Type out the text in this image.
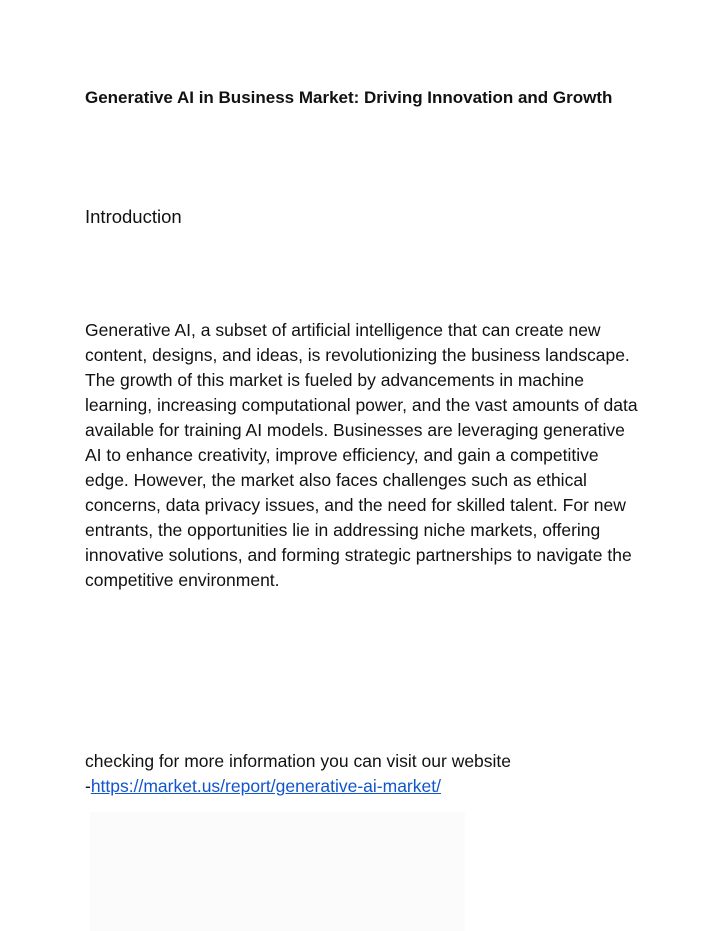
Generative AI in Business Market: Driving Innovation and Growth
Introduction

Generative AI, a subset of artificial intelligence that can create new content, designs, and ideas, is revolutionizing the business landscape. The growth of this market is fueled by advancements in machine learning, increasing computational power, and the vast amounts of data available for training AI models. Businesses are leveraging generative AI to enhance creativity, improve efficiency, and gain a competitive edge. However, the market also faces challenges such as ethical concerns, data privacy issues, and the need for skilled talent. For new entrants, the opportunities lie in addressing niche markets, offering innovative solutions, and forming strategic partnerships to navigate the competitive environment.

checking for more information you can visit our website
-https://market.us/report/generative-ai-market/
